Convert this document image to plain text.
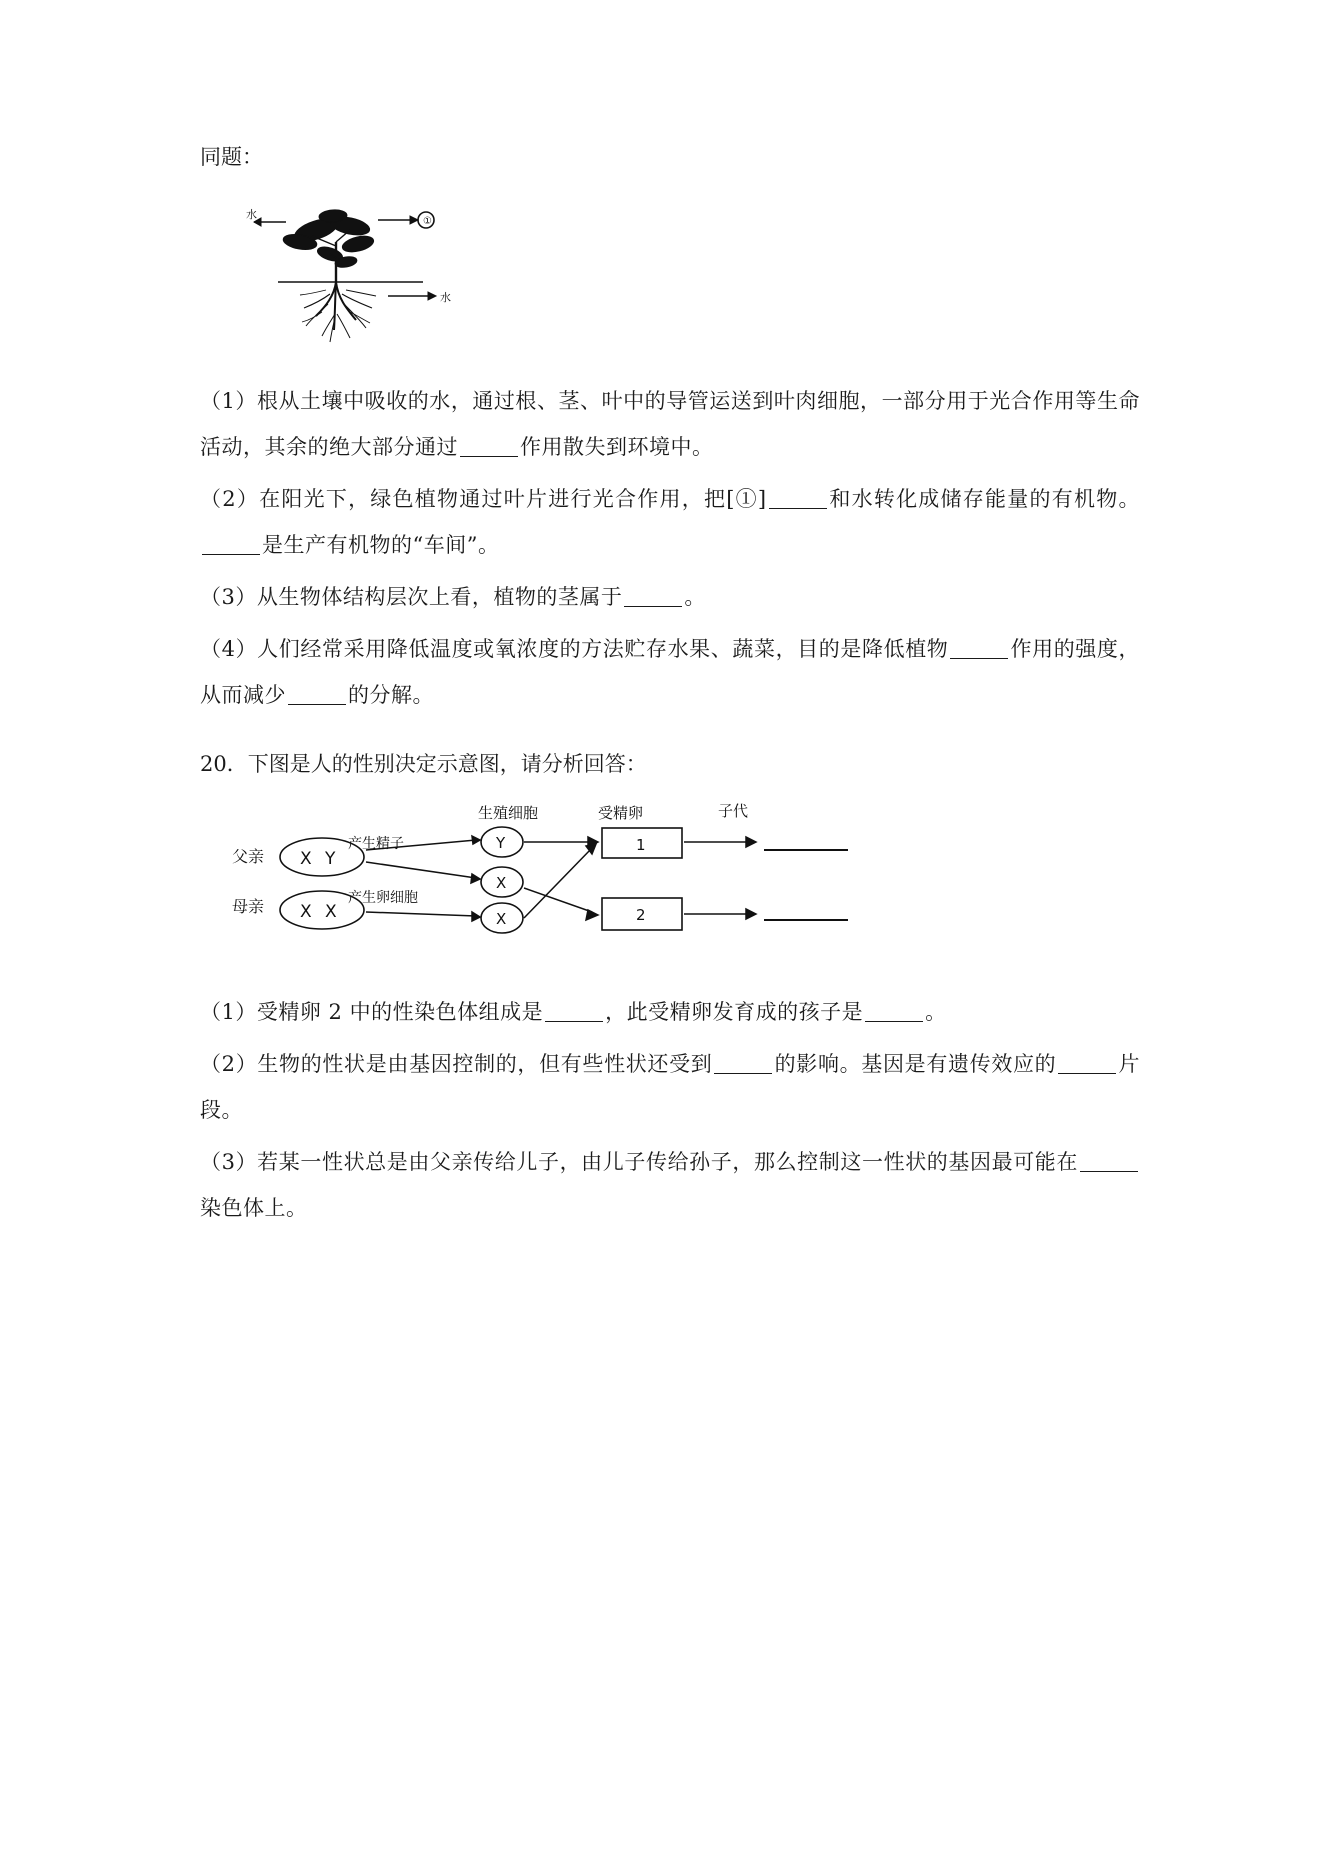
同题：
水
①
水

（1）根从土壤中吸收的水，通过根、茎、叶中的导管运送到叶肉细胞，一部分用于光合作用等生命活动，其余的绝大部分通过	作用散失到环境中。

（2）在阳光下，绿色植物通过叶片进行光合作用，把[①]	和水转化成储存能量的有机物。是生产有机物的“车间”。

（3）从生物体结构层次上看，植物的茎属于	。

（4）人们经常采用降低温度或氧浓度的方法贮存水果、蔬菜，目的是降低植物	作用的强度，从而减少	的分解。

20．下图是人的性别决定示意图，请分析回答：

生殖细胞	受精卵	子代
父亲
母亲
产生精子
产生卵细胞
X Y
X X
Y
X
X
1
2

（1）受精卵 2 中的性染色体组成是	，此受精卵发育成的孩子是	。

（2）生物的性状是由基因控制的，但有些性状还受到	的影响。基因是有遗传效应的	片段。

（3）若某一性状总是由父亲传给儿子，由儿子传给孙子，那么控制这一性状的基因最可能在染色体上。
